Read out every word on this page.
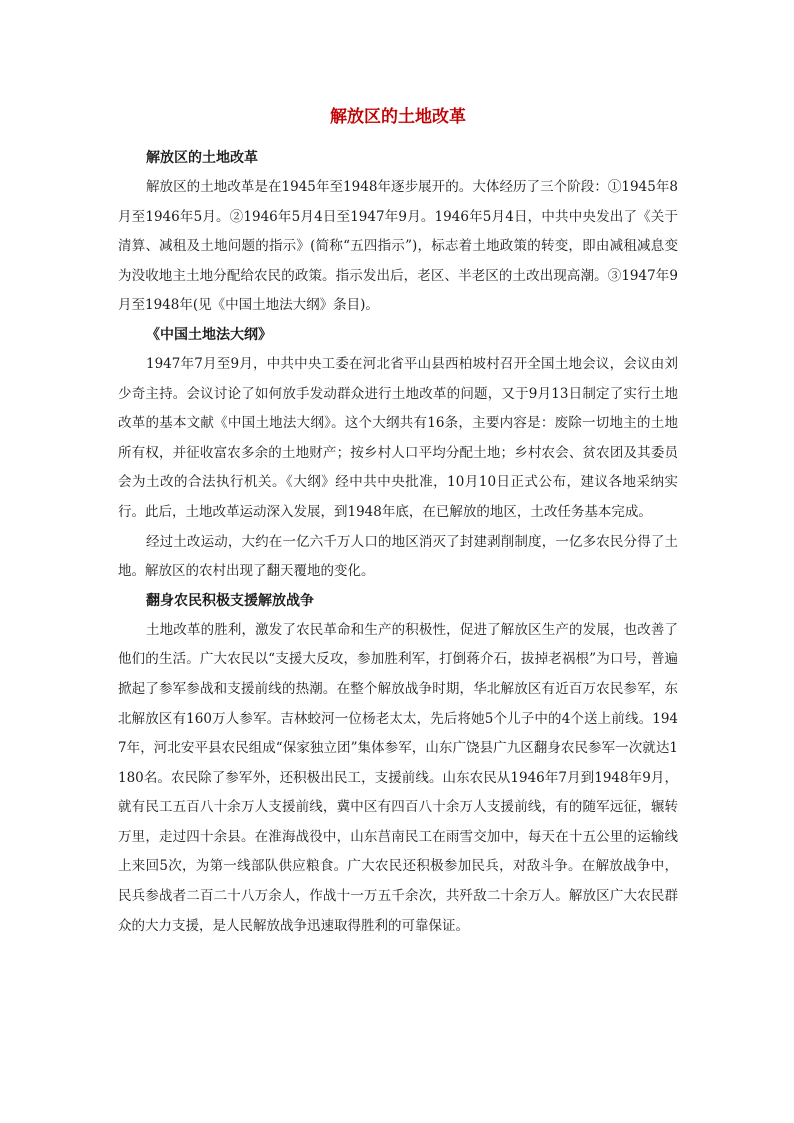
解放区的土地改革
解放区的土地改革

解放区的土地改革是在1945年至1948年逐步展开的。大体经历了三个阶段：①1945年8月至1946年5月。②1946年5月4日至1947年9月。1946年5月4日，中共中央发出了《关于清算、减租及土地问题的指示》(简称“五四指示”)，标志着土地政策的转变，即由减租减息变为没收地主土地分配给农民的政策。指示发出后，老区、半老区的土改出现高潮。③1947年9月至1948年(见《中国土地法大纲》条目)。

《中国土地法大纲》

1947年7月至9月，中共中央工委在河北省平山县西柏坡村召开全国土地会议，会议由刘少奇主持。会议讨论了如何放手发动群众进行土地改革的问题，又于9月13日制定了实行土地改革的基本文献《中国土地法大纲》。这个大纲共有16条，主要内容是：废除一切地主的土地所有权，并征收富农多余的土地财产；按乡村人口平均分配土地；乡村农会、贫农团及其委员会为土改的合法执行机关。《大纲》经中共中央批准，10月10日正式公布，建议各地采纳实行。此后，土地改革运动深入发展，到1948年底，在已解放的地区，土改任务基本完成。

经过土改运动，大约在一亿六千万人口的地区消灭了封建剥削制度，一亿多农民分得了土地。解放区的农村出现了翻天覆地的变化。

翻身农民积极支援解放战争

土地改革的胜利，激发了农民革命和生产的积极性，促进了解放区生产的发展，也改善了他们的生活。广大农民以“支援大反攻，参加胜利军，打倒蒋介石，拔掉老祸根”为口号，普遍掀起了参军参战和支援前线的热潮。在整个解放战争时期，华北解放区有近百万农民参军，东北解放区有160万人参军。吉林蛟河一位杨老太太，先后将她5个儿子中的4个送上前线。1947年，河北安平县农民组成“保家独立团”集体参军，山东广饶县广九区翻身农民参军一次就达1180名。农民除了参军外，还积极出民工，支援前线。山东农民从1946年7月到1948年9月，就有民工五百八十余万人支援前线，冀中区有四百八十余万人支援前线，有的随军远征，辗转万里，走过四十余县。在淮海战役中，山东莒南民工在雨雪交加中，每天在十五公里的运输线上来回5次，为第一线部队供应粮食。广大农民还积极参加民兵，对敌斗争。在解放战争中，民兵参战者二百二十八万余人，作战十一万五千余次，共歼敌二十余万人。解放区广大农民群众的大力支援，是人民解放战争迅速取得胜利的可靠保证。
